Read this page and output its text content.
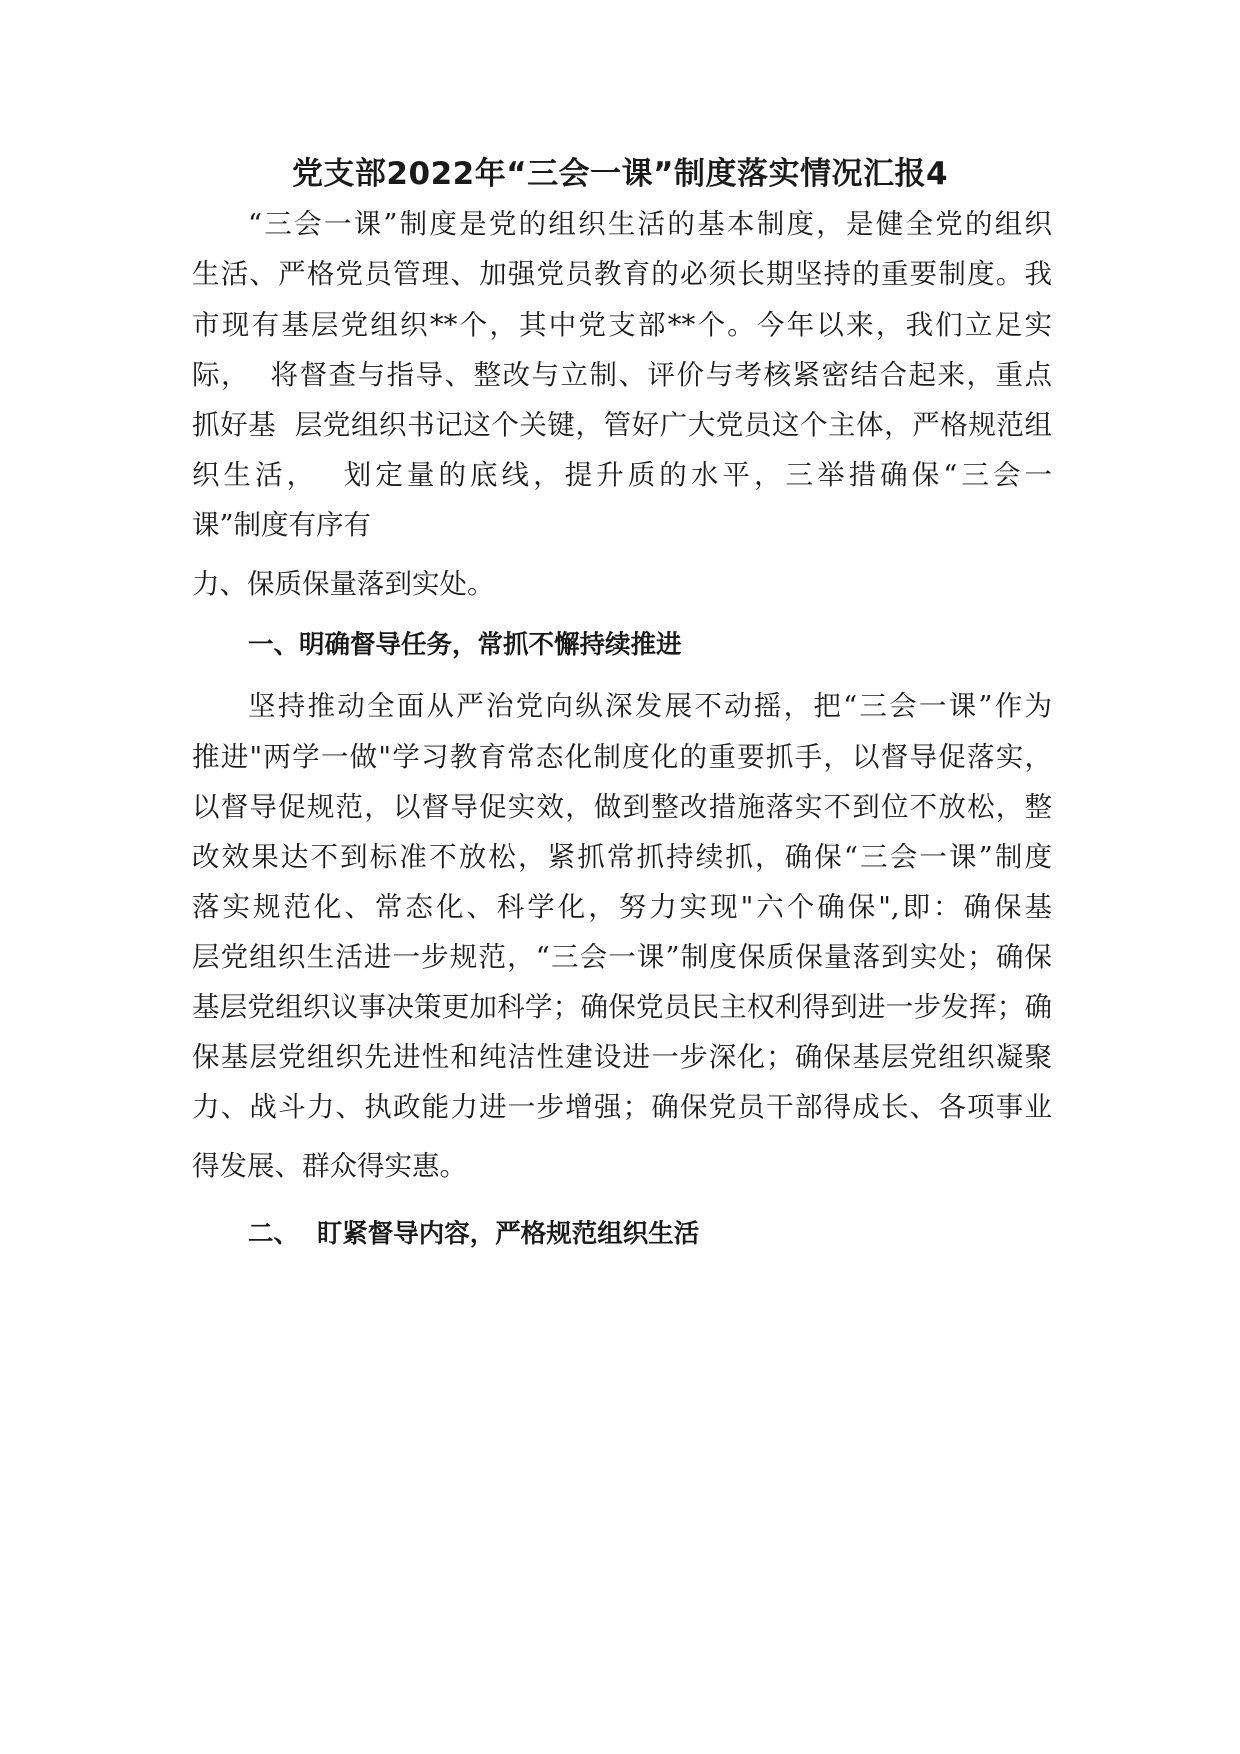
党支部2022年“三会一课”制度落实情况汇报4
“三会一课”制度是党的组织生活的基本制度，是健全党的组织
生活、严格党员管理、加强党员教育的必须长期坚持的重要制度。我
市现有基层党组织**个，其中党支部**个。今年以来，我们立足实
际，  将督查与指导、整改与立制、评价与考核紧密结合起来，重点
抓好基  层党组织书记这个关键，管好广大党员这个主体，严格规范组
织生活，  划定量的底线，提升质的水平，三举措确保“三会一
课”制度有序有
力、保质保量落到实处。
一、明确督导任务，常抓不懈持续推进
坚持推动全面从严治党向纵深发展不动摇，把“三会一课”作为
推进"两学一做"学习教育常态化制度化的重要抓手，以督导促落实，
以督导促规范，以督导促实效，做到整改措施落实不到位不放松，整
改效果达不到标准不放松，紧抓常抓持续抓，确保“三会一课”制度
落实规范化、常态化、科学化，努力实现"六个确保",即：确保基
层党组织生活进一步规范，“三会一课”制度保质保量落到实处；确保
基层党组织议事决策更加科学；确保党员民主权利得到进一步发挥；确
保基层党组织先进性和纯洁性建设进一步深化；确保基层党组织凝聚
力、战斗力、执政能力进一步增强；确保党员干部得成长、各项事业
得发展、群众得实惠。
二、  盯紧督导内容，严格规范组织生活
